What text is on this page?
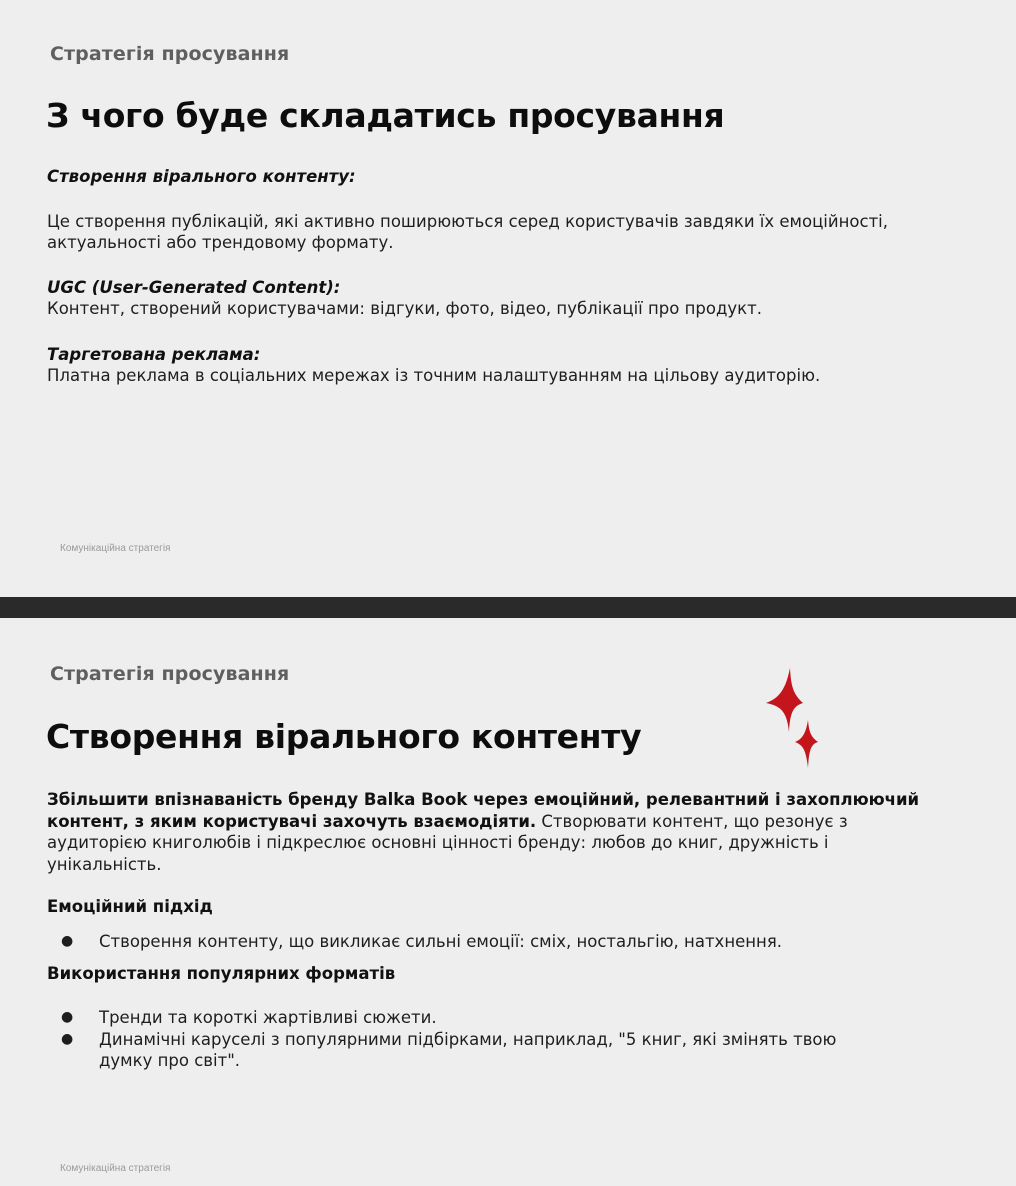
Стратегія просування
З чого буде складатись просування
Створення вірального контенту:
Це створення публікацій, які активно поширюються серед користувачів завдяки їх емоційності, актуальності або трендовому формату.
UGC (User-Generated Content):
Контент, створений користувачами: відгуки, фото, відео, публікації про продукт.
Таргетована реклама:
Платна реклама в соціальних мережах із точним налаштуванням на цільову аудиторію.
Комунікаційна стратегія
Стратегія просування
Створення вірального контенту
Збільшити впізнаваність бренду Balka Book через емоційний, релевантний і захоплюючий контент, з яким користувачі захочуть взаємодіяти. Створювати контент, що резонує з аудиторією книголюбів і підкреслює основні цінності бренду: любов до книг, дружність і унікальність.
Емоційний підхід
● Створення контенту, що викликає сильні емоції: сміх, ностальгію, натхнення.
Використання популярних форматів
● Тренди та короткі жартівливі сюжети.
● Динамічні каруселі з популярними підбірками, наприклад, "5 книг, які змінять твою думку про світ".
Комунікаційна стратегія
